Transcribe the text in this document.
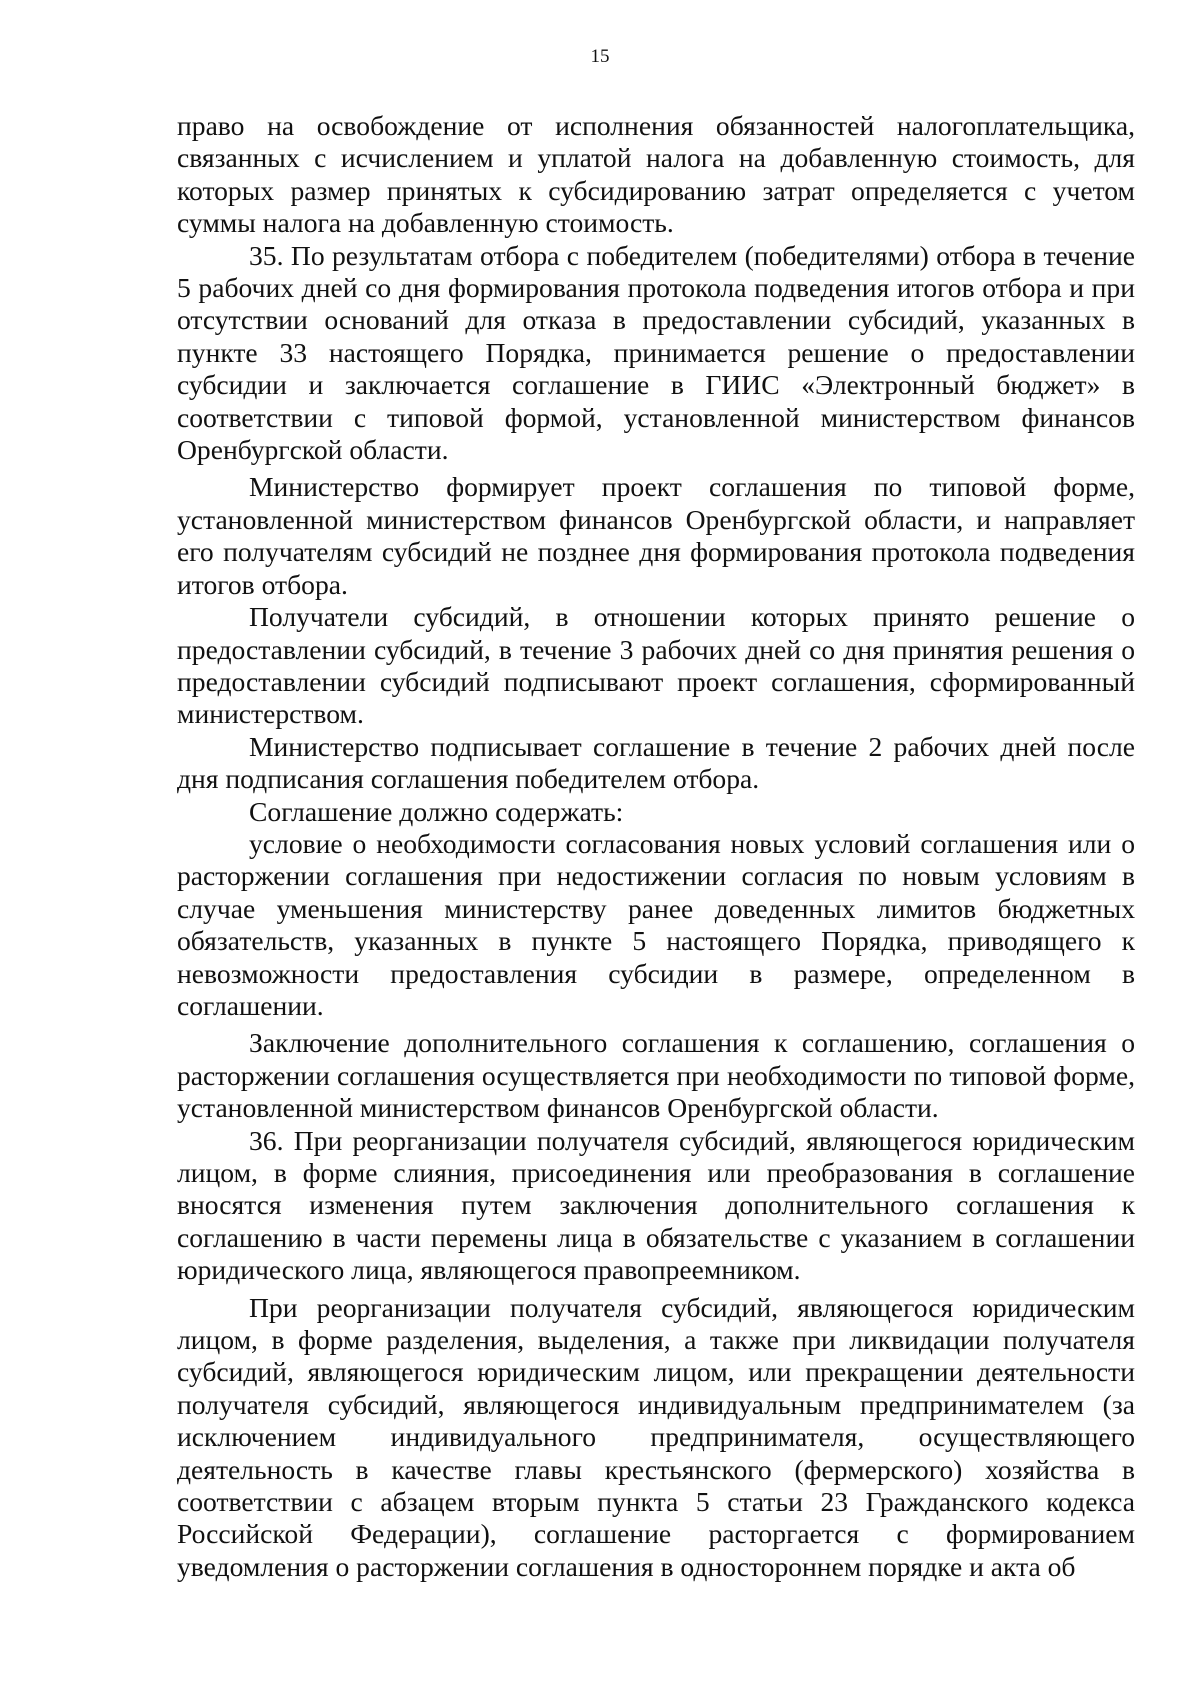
15

право на освобождение от исполнения обязанностей налогоплательщика, связанных с исчислением и уплатой налога на добавленную стоимость, для которых размер принятых к субсидированию затрат определяется с учетом суммы налога на добавленную стоимость.

35. По результатам отбора с победителем (победителями) отбора в течение 5 рабочих дней со дня формирования протокола подведения итогов отбора и при отсутствии оснований для отказа в предоставлении субсидий, указанных в пункте 33 настоящего Порядка, принимается решение о предоставлении субсидии и заключается соглашение в ГИИС «Электронный бюджет» в соответствии с типовой формой, установленной министерством финансов Оренбургской области.

Министерство формирует проект соглашения по типовой форме, установленной министерством финансов Оренбургской области, и направляет его получателям субсидий не позднее дня формирования протокола подведения итогов отбора.

Получатели субсидий, в отношении которых принято решение о предоставлении субсидий, в течение 3 рабочих дней со дня принятия решения о предоставлении субсидий подписывают проект соглашения, сформированный министерством.

Министерство подписывает соглашение в течение 2 рабочих дней после дня подписания соглашения победителем отбора.

Соглашение должно содержать:

условие о необходимости согласования новых условий соглашения или о расторжении соглашения при недостижении согласия по новым условиям в случае уменьшения министерству ранее доведенных лимитов бюджетных обязательств, указанных в пункте 5 настоящего Порядка, приводящего к невозможности предоставления субсидии в размере, определенном в соглашении.

Заключение дополнительного соглашения к соглашению, соглашения о расторжении соглашения осуществляется при необходимости по типовой форме, установленной министерством финансов Оренбургской области.

36. При реорганизации получателя субсидий, являющегося юридическим лицом, в форме слияния, присоединения или преобразования в соглашение вносятся изменения путем заключения дополнительного соглашения к соглашению в части перемены лица в обязательстве с указанием в соглашении юридического лица, являющегося правопреемником.

При реорганизации получателя субсидий, являющегося юридическим лицом, в форме разделения, выделения, а также при ликвидации получателя субсидий, являющегося юридическим лицом, или прекращении деятельности получателя субсидий, являющегося индивидуальным предпринимателем (за исключением индивидуального предпринимателя, осуществляющего деятельность в качестве главы крестьянского (фермерского) хозяйства в соответствии с абзацем вторым пункта 5 статьи 23 Гражданского кодекса Российской Федерации), соглашение расторгается с формированием уведомления о расторжении соглашения в одностороннем порядке и акта об
